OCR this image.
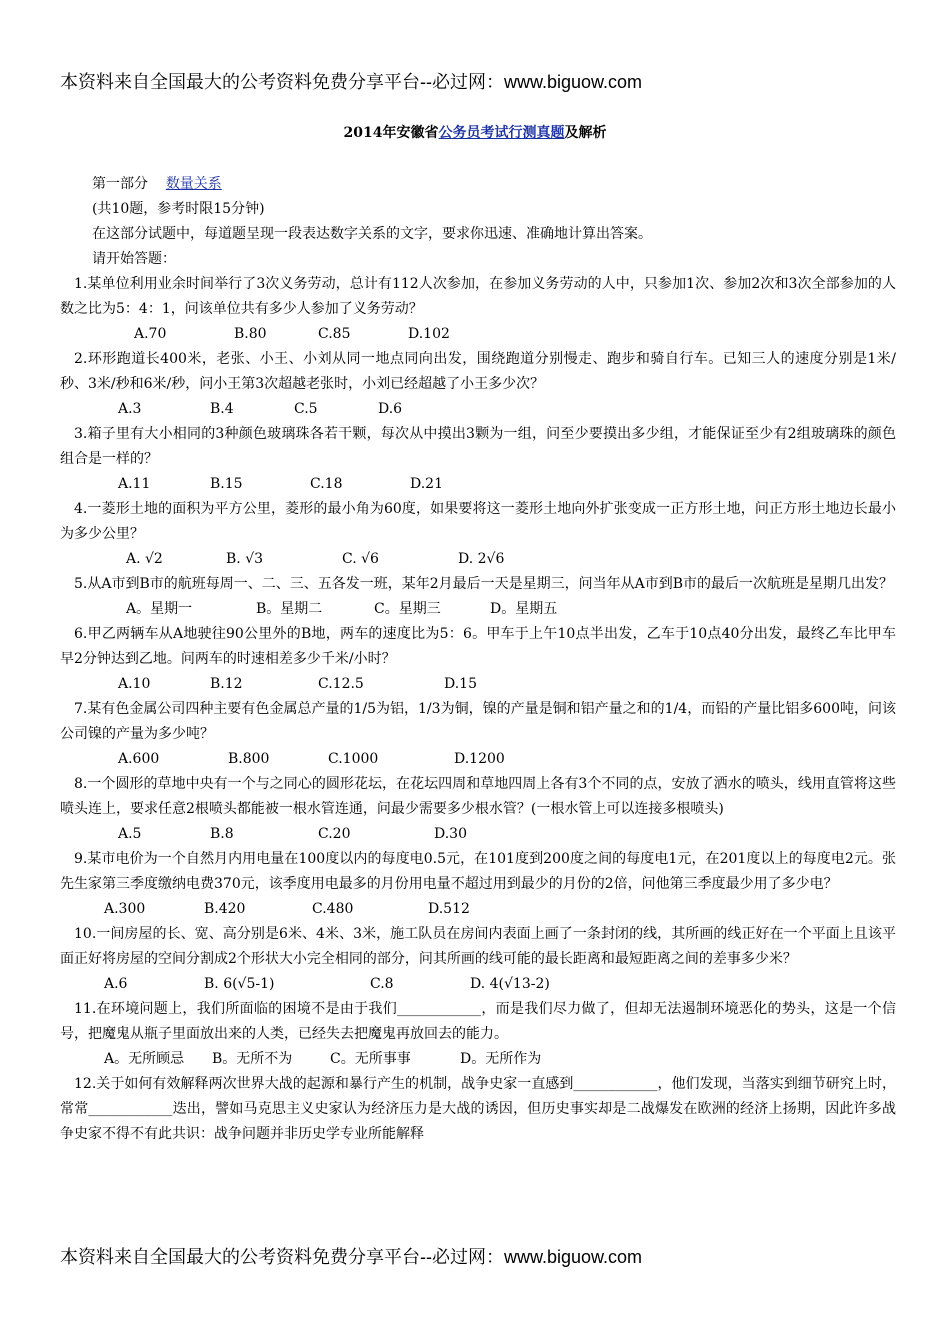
本资料来自全国最大的公考资料免费分享平台--必过网：www.biguow.com
2014年安徽省公务员考试行测真题及解析

第一部分 数量关系

(共10题，参考时限15分钟)

在这部分试题中，每道题呈现一段表达数字关系的文字，要求你迅速、准确地计算出答案。

请开始答题：

1.某单位利用业余时间举行了3次义务劳动，总计有112人次参加，在参加义务劳动的人中，只参加1次、参加2次和3次全部参加的人数之比为5：4：1，问该单位共有多少人参加了义务劳动？

A.70	B.80	C.85	D.102

2.环形跑道长400米，老张、小王、小刘从同一地点同向出发，围绕跑道分别慢走、跑步和骑自行车。已知三人的速度分别是1米/秒、3米/秒和6米/秒，问小王第3次超越老张时，小刘已经超越了小王多少次？

A.3	B.4	C.5	D.6

3.箱子里有大小相同的3种颜色玻璃珠各若干颗，每次从中摸出3颗为一组，问至少要摸出多少组，才能保证至少有2组玻璃珠的颜色组合是一样的？

A.11	B.15	C.18	D.21

4.一菱形土地的面积为平方公里，菱形的最小角为60度，如果要将这一菱形土地向外扩张变成一正方形土地，问正方形土地边长最小为多少公里？

A. √2	B. √3	C. √6	D. 2√6

5.从A市到B市的航班每周一、二、三、五各发一班，某年2月最后一天是星期三，问当年从A市到B市的最后一次航班是星期几出发？

A。星期一	B。星期二	C。星期三	D。星期五

6.甲乙两辆车从A地驶往90公里外的B地，两车的速度比为5：6。甲车于上午10点半出发，乙车于10点40分出发，最终乙车比甲车早2分钟达到乙地。问两车的时速相差多少千米/小时？

A.10	B.12	C.12.5	D.15

7.某有色金属公司四种主要有色金属总产量的1/5为铝，1/3为铜，镍的产量是铜和铝产量之和的1/4，而铅的产量比铝多600吨，问该公司镍的产量为多少吨？

A.600	B.800	C.1000	D.1200

8.一个圆形的草地中央有一个与之同心的圆形花坛，在花坛四周和草地四周上各有3个不同的点，安放了洒水的喷头，线用直管将这些喷头连上，要求任意2根喷头都能被一根水管连通，问最少需要多少根水管？(一根水管上可以连接多根喷头)

A.5	B.8	C.20	D.30

9.某市电价为一个自然月内用电量在100度以内的每度电0.5元，在101度到200度之间的每度电1元，在201度以上的每度电2元。张先生家第三季度缴纳电费370元，该季度用电最多的月份用电量不超过用到最少的月份的2倍，问他第三季度最少用了多少电？

A.300	B.420	C.480	D.512

10.一间房屋的长、宽、高分别是6米、4米、3米，施工队员在房间内表面上画了一条封闭的线，其所画的线正好在一个平面上且该平面正好将房屋的空间分割成2个形状大小完全相同的部分，问其所画的线可能的最长距离和最短距离之间的差事多少米？

A.6	B. 6(√5-1)	C.8	D. 4(√13-2)

11.在环境问题上，我们所面临的困境不是由于我们____________，而是我们尽力做了，但却无法遏制环境恶化的势头，这是一个信号，把魔鬼从瓶子里面放出来的人类，已经失去把魔鬼再放回去的能力。

A。无所顾忌	B。无所不为	C。无所事事	D。无所作为

12.关于如何有效解释两次世界大战的起源和暴行产生的机制，战争史家一直感到____________，他们发现，当落实到细节研究上时，常常____________迭出，譬如马克思主义史家认为经济压力是大战的诱因，但历史事实却是二战爆发在欧洲的经济上扬期，因此许多战争史家不得不有此共识：战争问题并非历史学专业所能解释

本资料来自全国最大的公考资料免费分享平台--必过网：www.biguow.com
